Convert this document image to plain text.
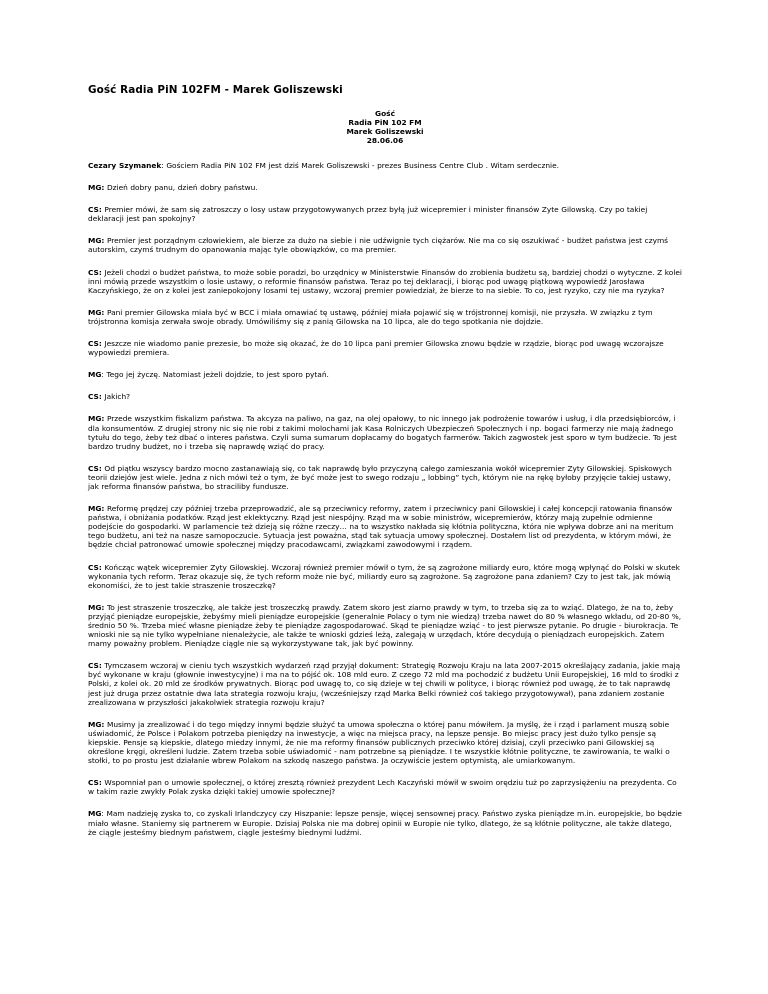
Gość Radia PiN 102FM - Marek Goliszewski
Gość
Radia PiN 102 FM
Marek Goliszewski
28.06.06

Cezary Szymanek: Gościem Radia PiN 102 FM jest dziś Marek Goliszewski - prezes Business Centre Club . Witam serdecznie.

MG: Dzień dobry panu, dzień dobry państwu.

CS: Premier mówi, że sam się zatroszczy o losy ustaw przygotowywanych przez byłą już wicepremier i minister finansów Zyte Gilowską. Czy po takiej deklaracji jest pan spokojny?

MG: Premier jest porządnym człowiekiem, ale bierze za dużo na siebie i nie udźwignie tych ciężarów. Nie ma co się oszukiwać - budżet państwa jest czymś autorskim, czymś trudnym do opanowania mając tyle obowiązków, co ma premier.

CS: Jeżeli chodzi o budżet państwa, to może sobie poradzi, bo urzędnicy w Ministerstwie Finansów do zrobienia budżetu są, bardziej chodzi o wytyczne. Z kolei inni mówią przede wszystkim o losie ustawy, o reformie finansów państwa. Teraz po tej deklaracji, i biorąc pod uwagę piątkową wypowiedź Jarosława Kaczyńskiego, że on z kolei jest zaniepokojony losami tej ustawy, wczoraj premier powiedział, że bierze to na siebie. To co, jest ryzyko, czy nie ma ryzyka?

MG: Pani premier Gilowska miała być w BCC i miała omawiać tę ustawę, później miała pojawić się w trójstronnej komisji, nie przyszła. W związku z tym trójstronna komisja zerwała swoje obrady. Umówiliśmy się z panią Gilowska na 10 lipca, ale do tego spotkania nie dojdzie.

CS: Jeszcze nie wiadomo panie prezesie, bo może się okazać, że do 10 lipca pani premier Gilowska znowu będzie w rządzie, biorąc pod uwagę wczorajsze wypowiedzi premiera.

MG: Tego jej życzę. Natomiast jeżeli dojdzie, to jest sporo pytań.

CS: Jakich?

MG: Przede wszystkim fiskalizm państwa. Ta akcyza na paliwo, na gaz, na olej opałowy, to nic innego jak podrożenie towarów i usług, i dla przedsiębiorców, i dla konsumentów. Z drugiej strony nic się nie robi z takimi molochami jak Kasa Rolniczych Ubezpieczeń Społecznych i np. bogaci farmerzy nie mają żadnego tytułu do tego, żeby też dbać o interes państwa. Czyli suma sumarum dopłacamy do bogatych farmerów. Takich zagwostek jest sporo w tym budżecie. To jest bardzo trudny budżet, no i trzeba się naprawdę wziąć do pracy.

CS: Od piątku wszyscy bardzo mocno zastanawiają się, co tak naprawdę było przyczyną całego zamieszania wokół wicepremier Zyty Gilowskiej. Spiskowych teorii dziejów jest wiele. Jedna z nich mówi też o tym, że być może jest to swego rodzaju „ lobbing” tych, którym nie na rękę byłoby przyjęcie takiej ustawy, jak reforma finansów państwa, bo straciliby fundusze.

MG: Reformę prędzej czy później trzeba przeprowadzić, ale są przeciwnicy reformy, zatem i przeciwnicy pani Gilowskiej i całej koncepcji ratowania finansów państwa, i obniżania podatków. Rząd jest eklektyczny. Rząd jest niespójny. Rząd ma w sobie ministrów, wicepremierów, którzy mają zupełnie odmienne podejście do gospodarki. W parlamencie też dzieją się różne rzeczy… na to wszystko nakłada się kłótnia polityczna, która nie wpływa dobrze ani na meritum tego budżetu, ani też na nasze samopoczucie. Sytuacja jest poważna, stąd tak sytuacja umowy społecznej. Dostałem list od prezydenta, w którym mówi, że będzie chciał patronować umowie społecznej między pracodawcami, związkami zawodowymi i rządem.

CS: Kończąc wątek wicepremier Zyty Gilowskiej. Wczoraj również premier mówił o tym, że są zagrożone miliardy euro, które mogą wpłynąć do Polski w skutek wykonania tych reform. Teraz okazuje się, że tych reform może nie być, miliardy euro są zagrożone. Są zagrożone pana zdaniem? Czy to jest tak, jak mówią ekonomiści, że to jest takie straszenie troszeczkę?

MG: To jest straszenie troszeczkę, ale także jest troszeczkę prawdy. Zatem skoro jest ziarno prawdy w tym, to trzeba się za to wziąć. Dlatego, że na to, żeby przyjąć pieniądze europejskie, żebyśmy mieli pieniądze europejskie (generalnie Polacy o tym nie wiedzą) trzeba nawet do 80 % własnego wkładu, od 20-80 %, średnio 50 %. Trzeba mieć własne pieniądze żeby te pieniądze zagospodarować. Skąd te pieniądze wziąć - to jest pierwsze pytanie. Po drugie - biurokracja. Te wnioski nie są nie tylko wypełniane nienależycie, ale także te wnioski gdzieś leżą, zalegają w urzędach, które decydują o pieniądzach europejskich. Zatem mamy poważny problem. Pieniądze ciągle nie są wykorzystywane tak, jak być powinny.

CS: Tymczasem wczoraj w cieniu tych wszystkich wydarzeń rząd przyjął dokument: Strategię Rozwoju Kraju na lata 2007-2015 określający zadania, jakie mają być wykonane w kraju (głownie inwestycyjne) i ma na to pójść ok. 108 mld euro. Z czego 72 mld ma pochodzić z budżetu Unii Europejskiej, 16 mld to środki z Polski, z kolei ok. 20 mld ze środków prywatnych. Biorąc pod uwagę to, co się dzieje w tej chwili w polityce, i biorąc również pod uwagę, że to tak naprawdę jest już druga przez ostatnie dwa lata strategia rozwoju kraju, (wcześniejszy rząd Marka Belki również coś takiego przygotowywał), pana zdaniem zostanie zrealizowana w przyszłości jakakolwiek strategia rozwoju kraju?

MG: Musimy ja zrealizować i do tego między innymi będzie służyć ta umowa społeczna o której panu mówiłem. Ja myślę, że i rząd i parlament muszą sobie uświadomić, że Polsce i Polakom potrzeba pieniędzy na inwestycje, a więc na miejsca pracy, na lepsze pensje. Bo miejsc pracy jest dużo tylko pensje są kiepskie. Pensje są kiepskie, dlatego miedzy innymi, że nie ma reformy finansów publicznych przeciwko której dzisiaj, czyli przeciwko pani Gilowskiej są określone kręgi, określeni ludzie. Zatem trzeba sobie uświadomić - nam potrzebne są pieniądze. I te wszystkie kłótnie polityczne, te zawirowania, te walki o stołki, to po prostu jest działanie wbrew Polakom na szkodę naszego państwa. Ja oczywiście jestem optymistą, ale umiarkowanym.

CS: Wspomniał pan o umowie społecznej, o której zresztą również prezydent Lech Kaczyński mówił w swoim orędziu tuż po zaprzysiężeniu na prezydenta. Co w takim razie zwykły Polak zyska dzięki takiej umowie społecznej?

MG: Mam nadzieję zyska to, co zyskali Irlandczycy czy Hiszpanie: lepsze pensje, więcej sensownej pracy. Państwo zyska pieniądze m.in. europejskie, bo będzie miało własne. Staniemy się partnerem w Europie. Dzisiaj Polska nie ma dobrej opinii w Europie nie tylko, dlatego, że są kłótnie polityczne, ale także dlatego, że ciągle jesteśmy biednym państwem, ciągle jesteśmy biednymi ludźmi.
